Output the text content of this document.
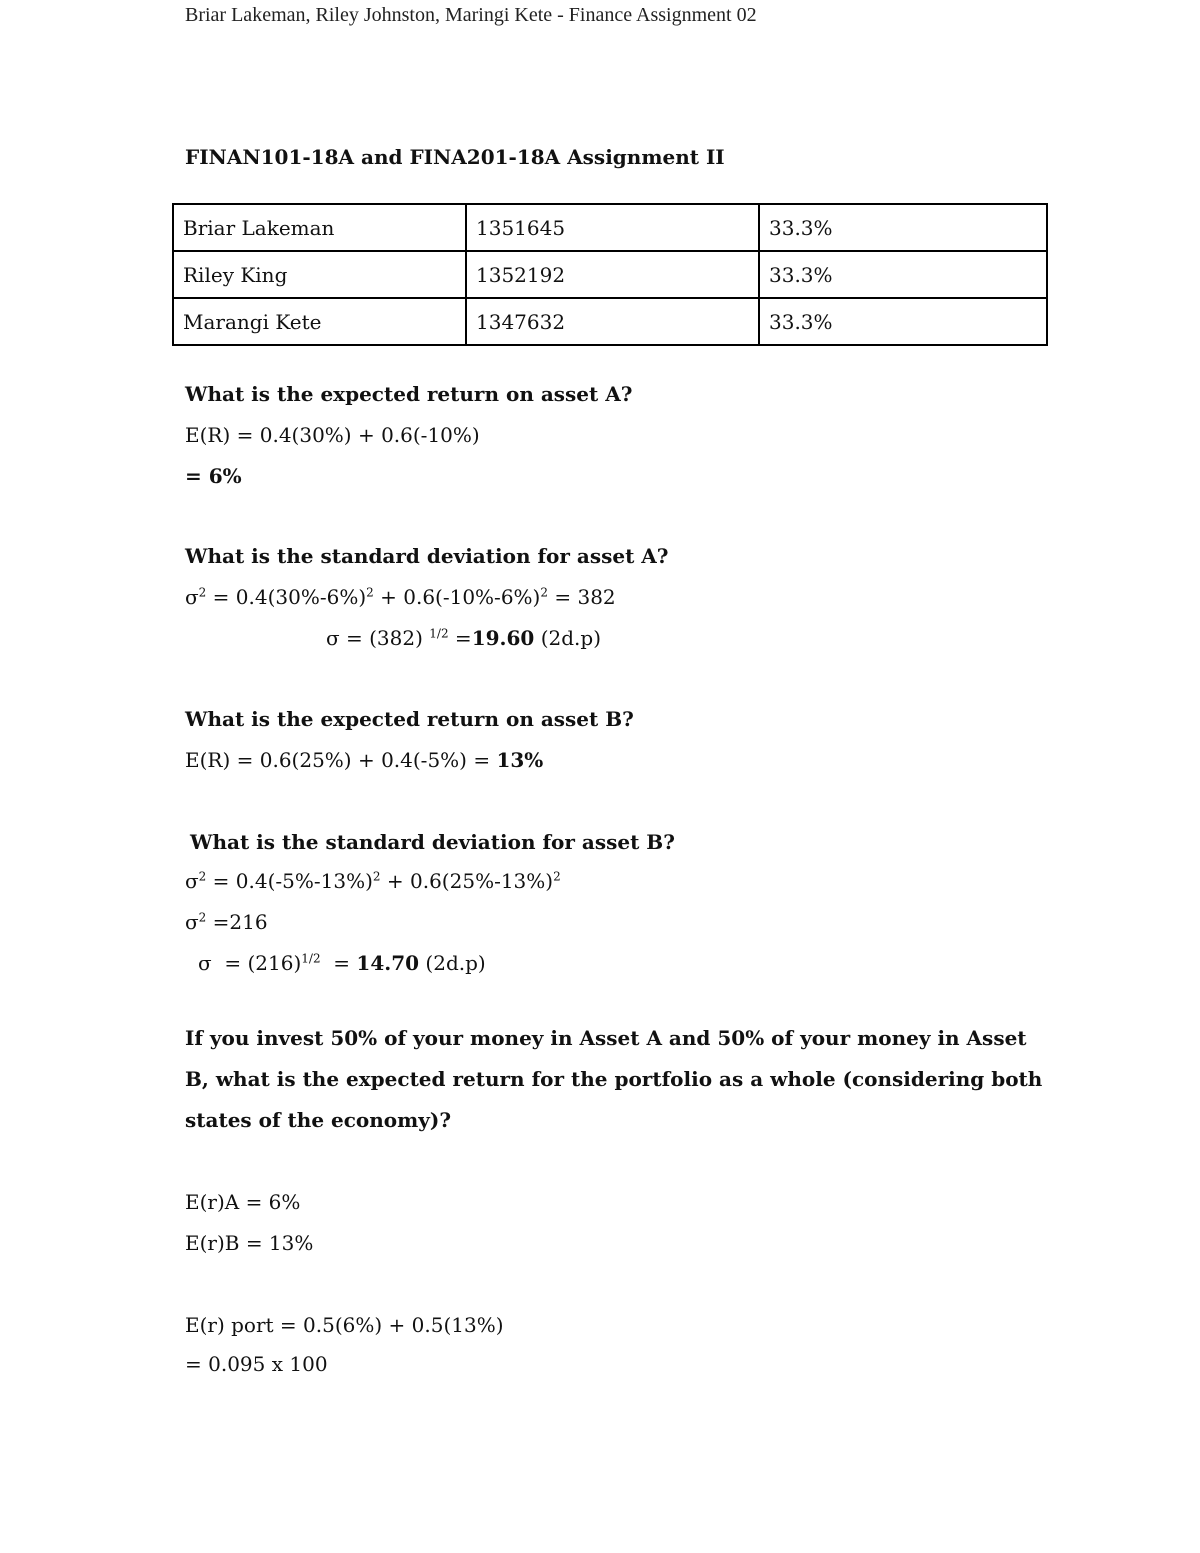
Briar Lakeman, Riley Johnston, Maringi Kete - Finance Assignment 02
FINAN101-18A and FINA201-18A Assignment II
Briar Lakeman	1351645	33.3%
Riley King	1352192	33.3%
Marangi Kete	1347632	33.3%
What is the expected return on asset A?
E(R) = 0.4(30%) + 0.6(-10%)
= 6%
What is the standard deviation for asset A?
$\sigma^2 = 0.4(30\%-6\%)^2 + 0.6(-10\%-6\%)^2 = 382$
σ = (382) $^{1/2}$ =19.60 (2d.p)
What is the expected return on asset B?
E(R) = 0.6(25%) + 0.4(-5%) = 13%
What is the standard deviation for asset B?
$\sigma^2 = 0.4(-5\%-13\%)^2 + 0.6(25\%-13\%)^2$
$\sigma^2 =216$
$\sigma = (216)^{1/2} = 14.70$ (2d.p)
If you invest 50% of your money in Asset A and 50% of your money in Asset B, what is the expected return for the portfolio as a whole (considering both states of the economy)?
E(r)A = 6%
E(r)B = 13%
E(r) port = 0.5(6%) + 0.5(13%)
= 0.095 x 100
